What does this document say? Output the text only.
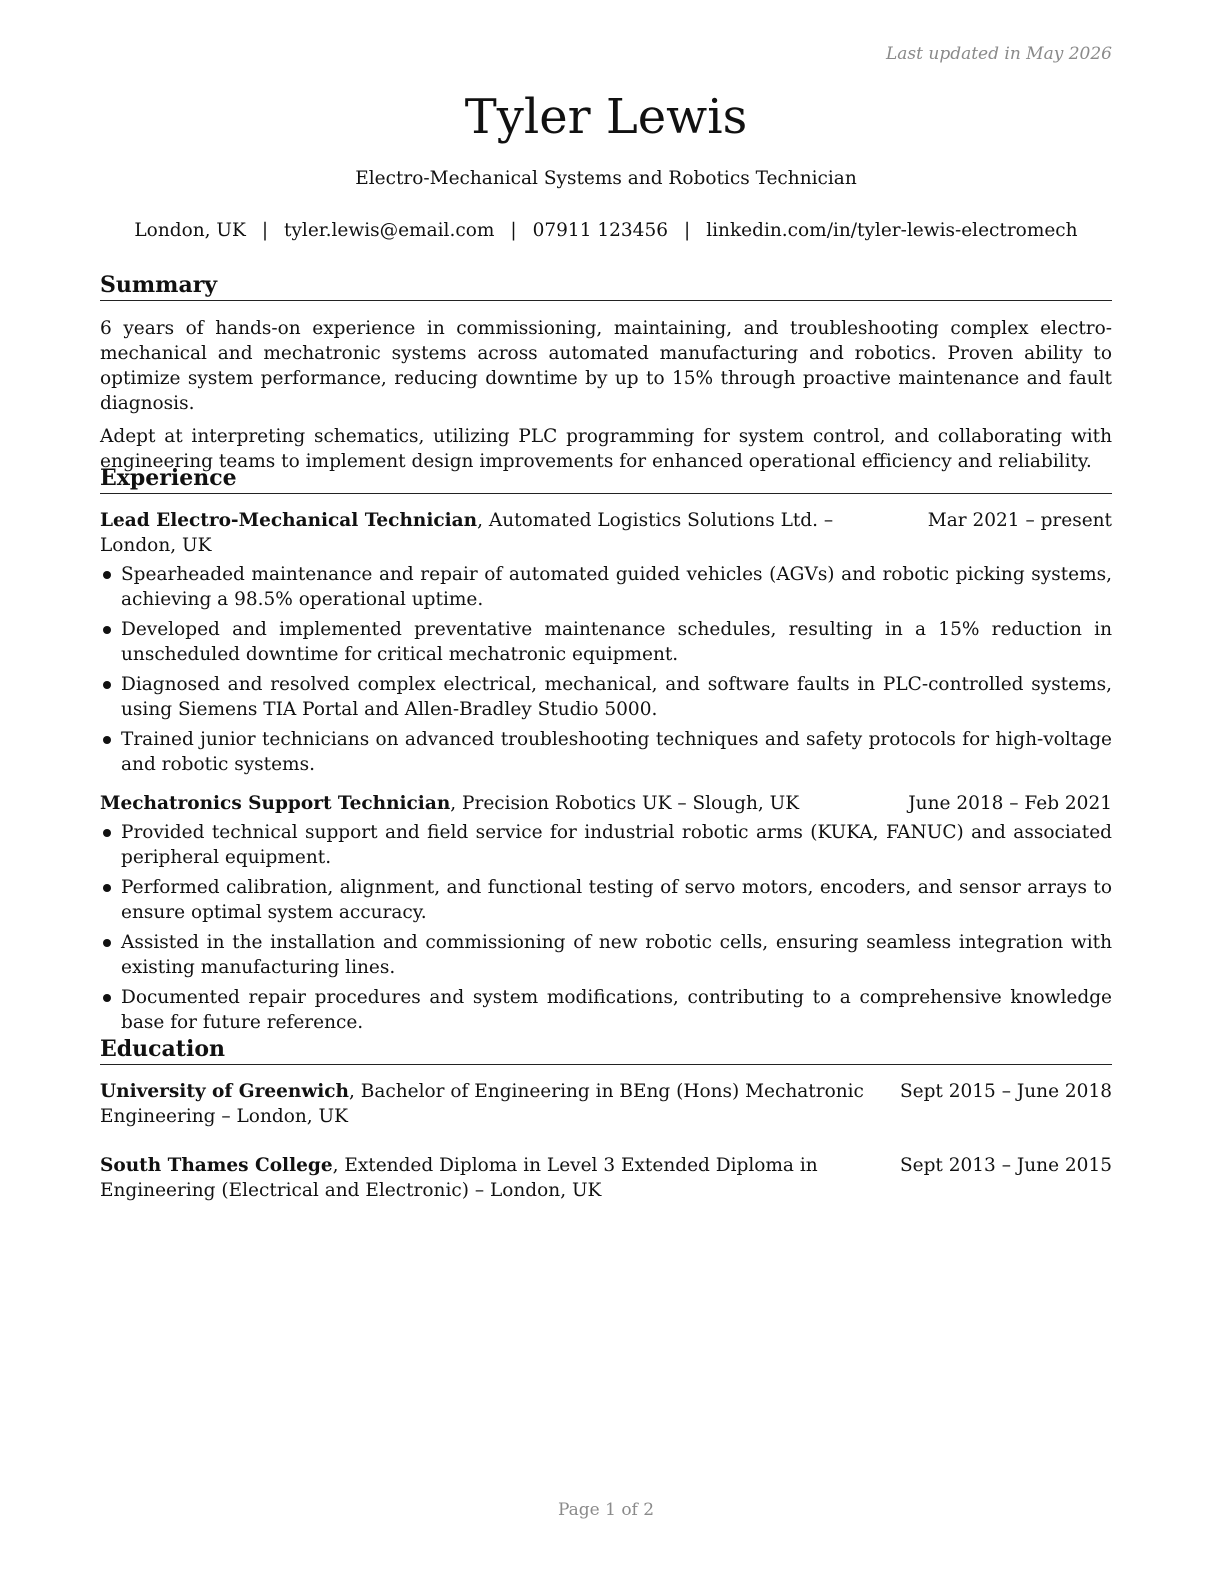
Last updated in May 2026
Tyler Lewis
Electro-Mechanical Systems and Robotics Technician
London, UK | tyler.lewis@email.com | 07911 123456 | linkedin.com/in/tyler-lewis-electromech
Summary

6 years of hands-on experience in commissioning, maintaining, and troubleshooting complex electro-mechanical and mechatronic systems across automated manufacturing and robotics. Proven ability to optimize system performance, reducing downtime by up to 15% through proactive maintenance and fault diagnosis.

Adept at interpreting schematics, utilizing PLC programming for system control, and collaborating with engineering teams to implement design improvements for enhanced operational efficiency and reliability.

Experience
Lead Electro-Mechanical Technician, Automated Logistics Solutions Ltd. – London, UK
Mar 2021 – present
Spearheaded maintenance and repair of automated guided vehicles (AGVs) and robotic picking systems, achieving a 98.5% operational uptime.
Developed and implemented preventative maintenance schedules, resulting in a 15% reduction in unscheduled downtime for critical mechatronic equipment.
Diagnosed and resolved complex electrical, mechanical, and software faults in PLC-controlled systems, using Siemens TIA Portal and Allen-Bradley Studio 5000.
Trained junior technicians on advanced troubleshooting techniques and safety protocols for high-voltage and robotic systems.
Mechatronics Support Technician, Precision Robotics UK – Slough, UK	June 2018 – Feb 2021
Provided technical support and field service for industrial robotic arms (KUKA, FANUC) and associated peripheral equipment.
Performed calibration, alignment, and functional testing of servo motors, encoders, and sensor arrays to ensure optimal system accuracy.
Assisted in the installation and commissioning of new robotic cells, ensuring seamless integration with existing manufacturing lines.
Documented repair procedures and system modifications, contributing to a comprehensive knowledge base for future reference.
Education
University of Greenwich, Bachelor of Engineering in BEng (Hons) Mechatronic Engineering – London, UK
Sept 2015 – June 2018
South Thames College, Extended Diploma in Level 3 Extended Diploma in Engineering (Electrical and Electronic) – London, UK
Sept 2013 – June 2015
Page 1 of 2
